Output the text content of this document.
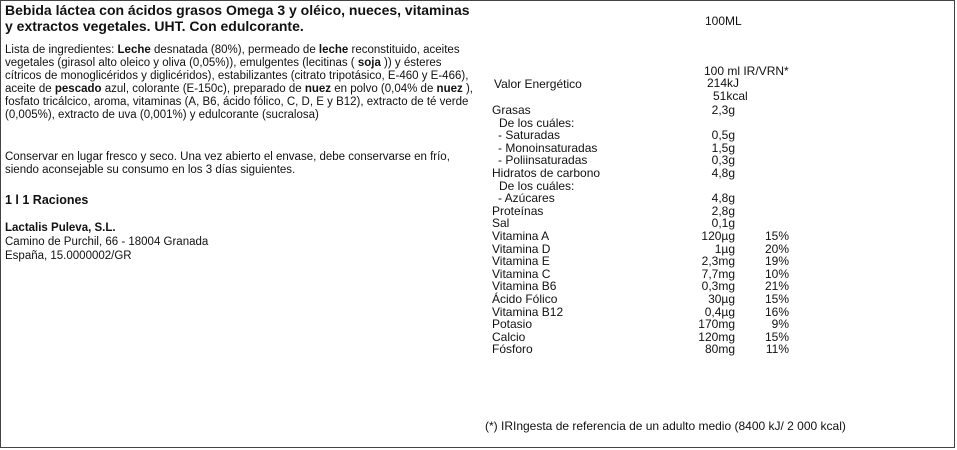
Bebida láctea con ácidos grasos Omega 3 y oléico, nueces, vitaminas
y extractos vegetales. UHT. Con edulcorante.
Lista de ingredientes: Leche desnatada (80%), permeado de leche reconstituido, aceites vegetales (girasol alto oleico y oliva (0,05%)), emulgentes (lecitinas ( soja )) y ésteres cítricos de monoglicéridos y diglicéridos), estabilizantes (citrato tripotásico, E-460 y E-466), aceite de pescado azul, colorante (E-150c), preparado de nuez en polvo (0,04% de nuez ), fosfato tricálcico, aroma, vitaminas (A, B6, ácido fólico, C, D, E y B12), extracto de té verde (0,005%), extracto de uva (0,001%) y edulcorante (sucralosa)
Conservar en lugar fresco y seco. Una vez abierto el envase, debe conservarse en frío, siendo aconsejable su consumo en los 3 días siguientes.
1 l 1 Raciones
Lactalis Puleva, S.L.
Camino de Purchil, 66 - 18004 Granada
España, 15.0000002/GR
100ML
100 ml IR/VRN*
Valor Energético	214kJ
51kcal
Grasas	2,3g
De los cuáles:
- Saturadas	0,5g
- Monoinsaturadas	1,5g
- Poliinsaturadas	0,3g
Hidratos de carbono	4,8g
De los cuáles:
- Azúcares	4,8g
Proteínas	2,8g
Sal	0,1g
Vitamina A	120µg	15%
Vitamina D	1µg	20%
Vitamina E	2,3mg	19%
Vitamina C	7,7mg	10%
Vitamina B6	0,3mg	21%
Ácido Fólico	30µg	15%
Vitamina B12	0,4µg	16%
Potasio	170mg	9%
Calcio	120mg	15%
Fósforo	80mg	11%
(*) IRIngesta de referencia de un adulto medio (8400 kJ/ 2 000 kcal)
